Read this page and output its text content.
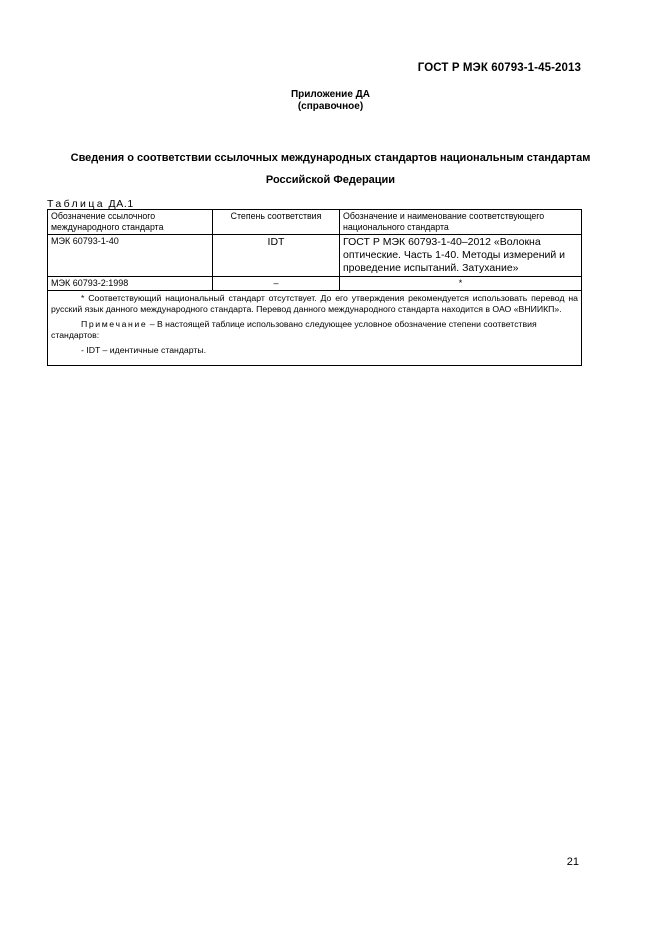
ГОСТ Р МЭК 60793-1-45-2013
Приложение ДА
(справочное)
Сведения о соответствии ссылочных международных стандартов национальным стандартам
Российской Федерации
Таблица ДА.1
Обозначение ссылочного международного стандарта	Степень соответствия	Обозначение и наименование соответствующего национального стандарта
МЭК 60793-1-40	IDT	ГОСТ Р МЭК 60793-1-40–2012 «Волокна оптические. Часть 1-40. Методы измерений и проведение испытаний. Затухание»
МЭК 60793-2:1998	–	*

* Соответствующий национальный стандарт отсутствует. До его утверждения рекомендуется использовать перевод на русский язык данного международного стандарта. Перевод данного международного стандарта находится в ОАО «ВНИИКП».

Примечание – В настоящей таблице использовано следующее условное обозначение степени соответствия стандартов:

- IDT – идентичные стандарты.		

21
